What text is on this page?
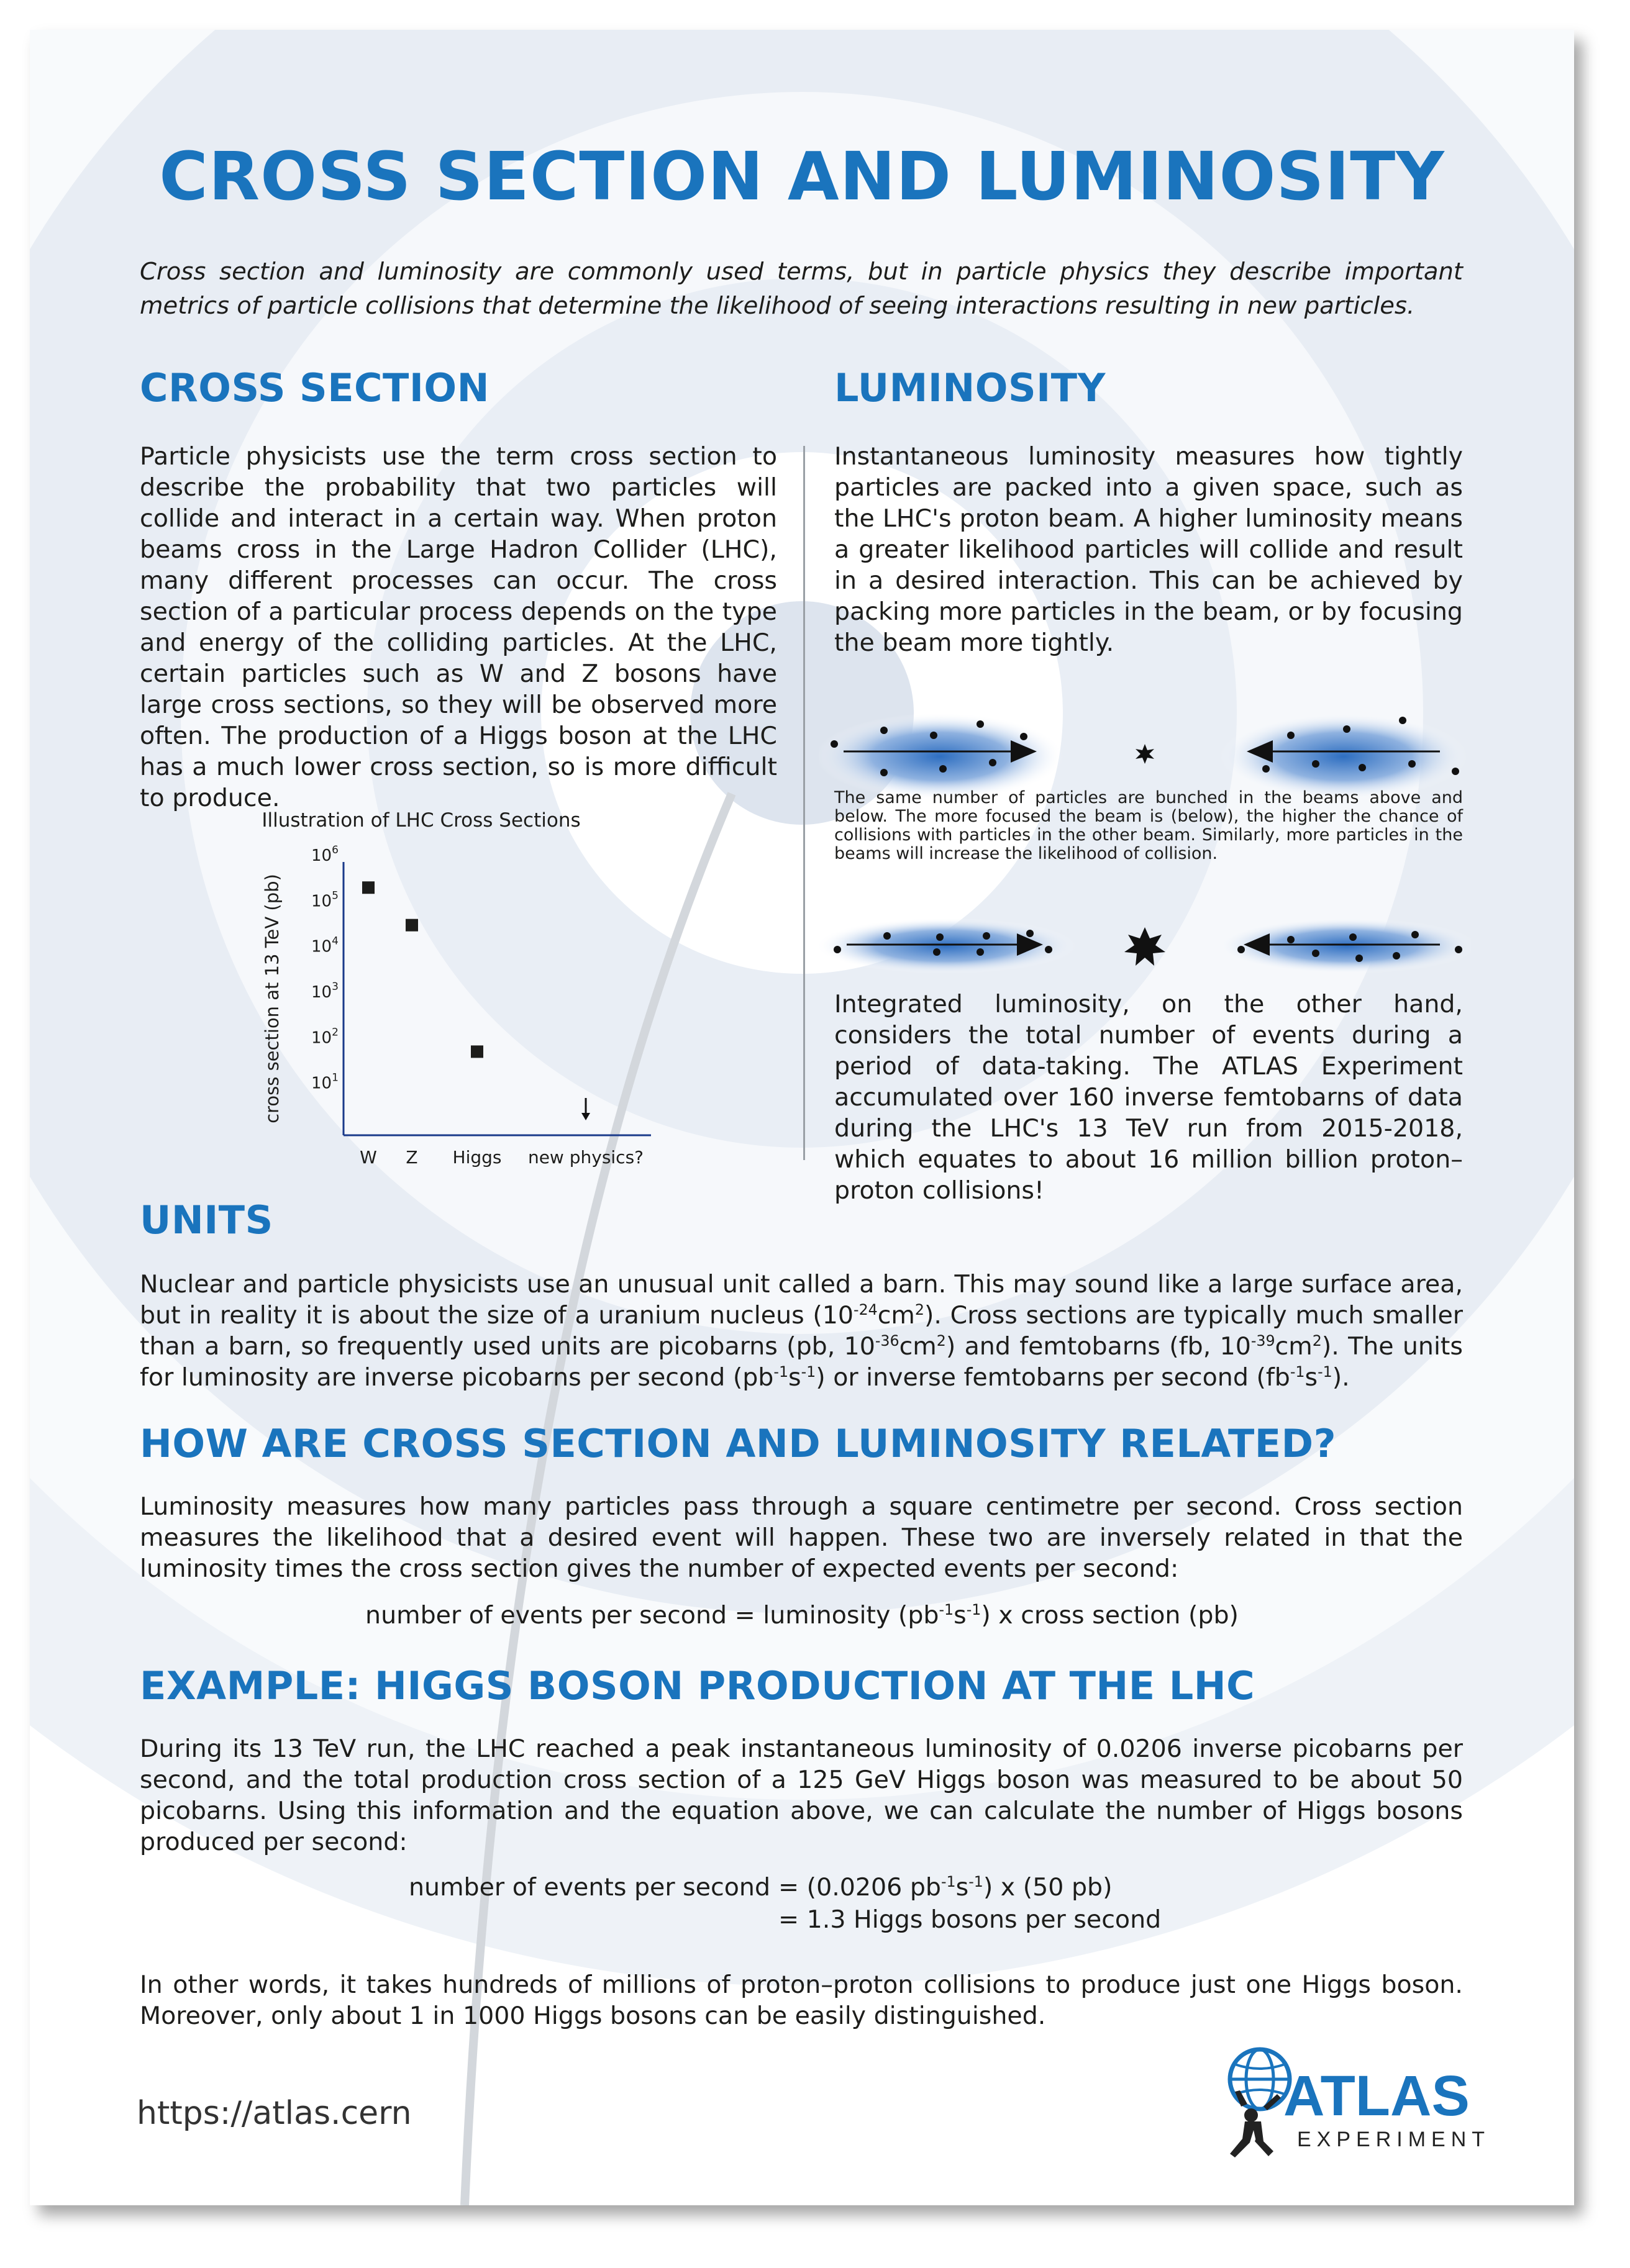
CROSS SECTION AND LUMINOSITY

Cross section and luminosity are commonly used terms, but in particle physics they describe important metrics of particle collisions that determine the likelihood of seeing interactions resulting in new particles.

CROSS SECTION

Particle physicists use the term cross section to describe the probability that two particles will collide and interact in a certain way. When proton beams cross in the Large Hadron Collider (LHC), many different processes can occur. The cross section of a particular process depends on the type and energy of the colliding particles. At the LHC, certain particles such as W and Z bosons have large cross sections, so they will be observed more often. The production of a Higgs boson at the LHC has a much lower cross section, so is more difficult to produce.

LUMINOSITY

Instantaneous luminosity measures how tightly particles are packed into a given space, such as the LHC's proton beam. A higher luminosity means a greater likelihood particles will collide and result in a desired interaction. This can be achieved by packing more particles in the beam, or by focusing the beam more tightly.

The same number of particles are bunched in the beams above and below. The more focused the beam is (below), the higher the chance of collisions with particles in the other beam. Similarly, more particles in the beams will increase the likelihood of collision.

Integrated luminosity, on the other hand, considers the total number of events during a period of data-taking. The ATLAS Experiment accumulated over 160 inverse femtobarns of data during the LHC's 13 TeV run from 2015-2018, which equates to about 16 million billion proton–proton collisions!

Illustration of LHC Cross Sections

$10^1$
$10^2$
$10^3$
$10^4$
$10^5$
$10^6$
W Z Higgs new physics?
cross section at 13 TeV (pb)
UNITS

Nuclear and particle physicists use an unusual unit called a barn. This may sound like a large surface area, but in reality it is about the size of a uranium nucleus $(10^{-24}cm^2)$. Cross sections are typically much smaller than a barn, so frequently used units are picobarns (pb, $10^{-36}cm^2$) and femtobarns (fb, $10^{-39}cm^2$). The units for luminosity are inverse picobarns per second $(pb^{-1}s^{-1})$ or inverse femtobarns per second $(fb^{-1}s^{-1})$.

HOW ARE CROSS SECTION AND LUMINOSITY RELATED?

Luminosity measures how many particles pass through a square centimetre per second. Cross section measures the likelihood that a desired event will happen. These two are inversely related in that the luminosity times the cross section gives the number of expected events per second:

number of events per second = luminosity $(pb^{-1}s^{-1})$ x cross section (pb)

EXAMPLE: HIGGS BOSON PRODUCTION AT THE LHC

During its 13 TeV run, the LHC reached a peak instantaneous luminosity of 0.0206 inverse picobarns per second, and the total production cross section of a 125 GeV Higgs boson was measured to be about 50 picobarns. Using this information and the equation above, we can calculate the number of Higgs bosons produced per second:

number of events per second = (0.0206 $pb^{-1}s^{-1}$) x (50 pb)

= 1.3 Higgs bosons per second

In other words, it takes hundreds of millions of proton–proton collisions to produce just one Higgs boson. Moreover, only about 1 in 1000 Higgs bosons can be easily distinguished.

https://atlas.cern	ATLAS
EXPERIMENT
